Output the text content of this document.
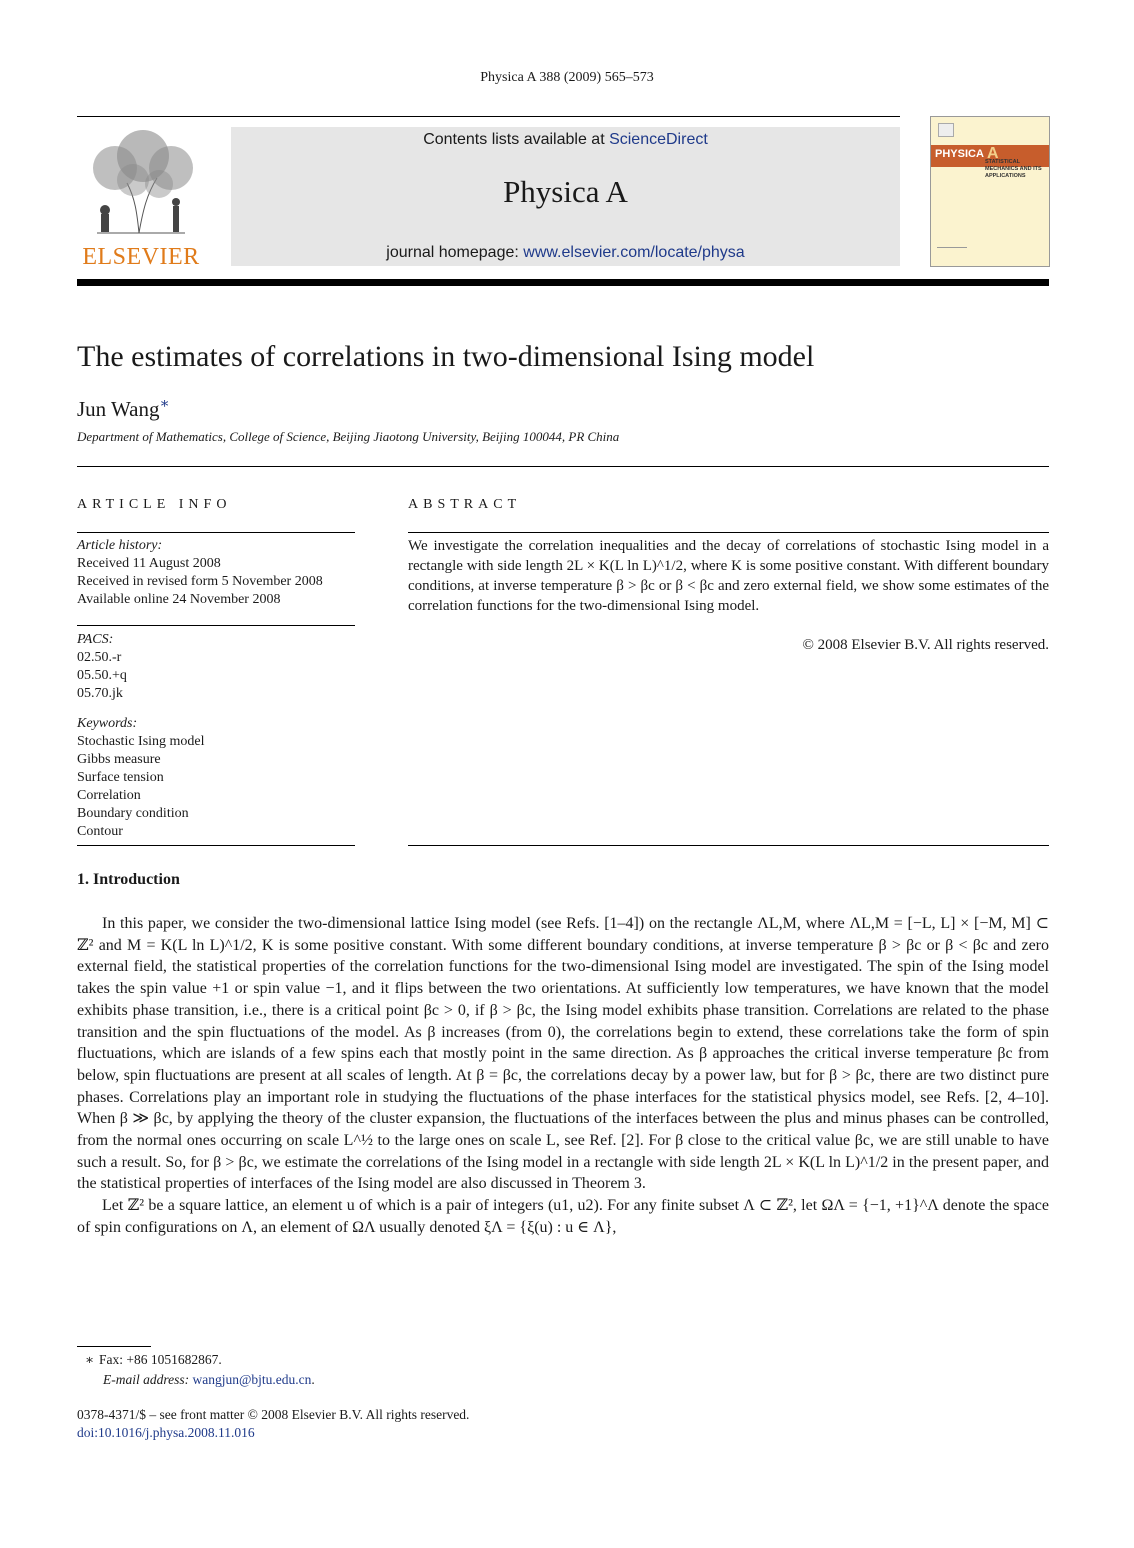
Physica A 388 (2009) 565–573
ELSEVIER
Contents lists available at ScienceDirect
Physica A
journal homepage: www.elsevier.com/locate/physa
PHYSICA A
STATISTICAL MECHANICS AND ITS APPLICATIONS
The estimates of correlations in two-dimensional Ising model
Jun Wang∗
Department of Mathematics, College of Science, Beijing Jiaotong University, Beijing 100044, PR China
ARTICLE INFO
Article history:
Received 11 August 2008
Received in revised form 5 November 2008
Available online 24 November 2008
PACS:
02.50.-r
05.50.+q
05.70.jk
Keywords:
Stochastic Ising model
Gibbs measure
Surface tension
Correlation
Boundary condition
Contour
ABSTRACT
We investigate the correlation inequalities and the decay of correlations of stochastic Ising model in a rectangle with side length 2L × K(L ln L)^1/2, where K is some positive constant. With different boundary conditions, at inverse temperature β > βc or β < βc and zero external field, we show some estimates of the correlation functions for the two-dimensional Ising model.
© 2008 Elsevier B.V. All rights reserved.
1. Introduction

In this paper, we consider the two-dimensional lattice Ising model (see Refs. [1–4]) on the rectangle ΛL,M, where ΛL,M = [−L, L] × [−M, M] ⊂ ℤ² and M = K(L ln L)^1/2, K is some positive constant. With some different boundary conditions, at inverse temperature β > βc or β < βc and zero external field, the statistical properties of the correlation functions for the two-dimensional Ising model are investigated. The spin of the Ising model takes the spin value +1 or spin value −1, and it flips between the two orientations. At sufficiently low temperatures, we have known that the model exhibits phase transition, i.e., there is a critical point βc > 0, if β > βc, the Ising model exhibits phase transition. Correlations are related to the phase transition and the spin fluctuations of the model. As β increases (from 0), the correlations begin to extend, these correlations take the form of spin fluctuations, which are islands of a few spins each that mostly point in the same direction. As β approaches the critical inverse temperature βc from below, spin fluctuations are present at all scales of length. At β = βc, the correlations decay by a power law, but for β > βc, there are two distinct pure phases. Correlations play an important role in studying the fluctuations of the phase interfaces for the statistical physics model, see Refs. [2, 4–10]. When β ≫ βc, by applying the theory of the cluster expansion, the fluctuations of the interfaces between the plus and minus phases can be controlled, from the normal ones occurring on scale L^½ to the large ones on scale L, see Ref. [2]. For β close to the critical value βc, we are still unable to have such a result. So, for β > βc, we estimate the correlations of the Ising model in a rectangle with side length 2L × K(L ln L)^1/2 in the present paper, and the statistical properties of interfaces of the Ising model are also discussed in Theorem 3.

Let ℤ² be a square lattice, an element u of which is a pair of integers (u1, u2). For any finite subset Λ ⊂ ℤ², let ΩΛ = {−1, +1}^Λ denote the space of spin configurations on Λ, an element of ΩΛ usually denoted ξΛ = {ξ(u) : u ∈ Λ},

∗ Fax: +86 1051682867.
E-mail address: wangjun@bjtu.edu.cn.
0378-4371/$ – see front matter © 2008 Elsevier B.V. All rights reserved.
doi:10.1016/j.physa.2008.11.016
